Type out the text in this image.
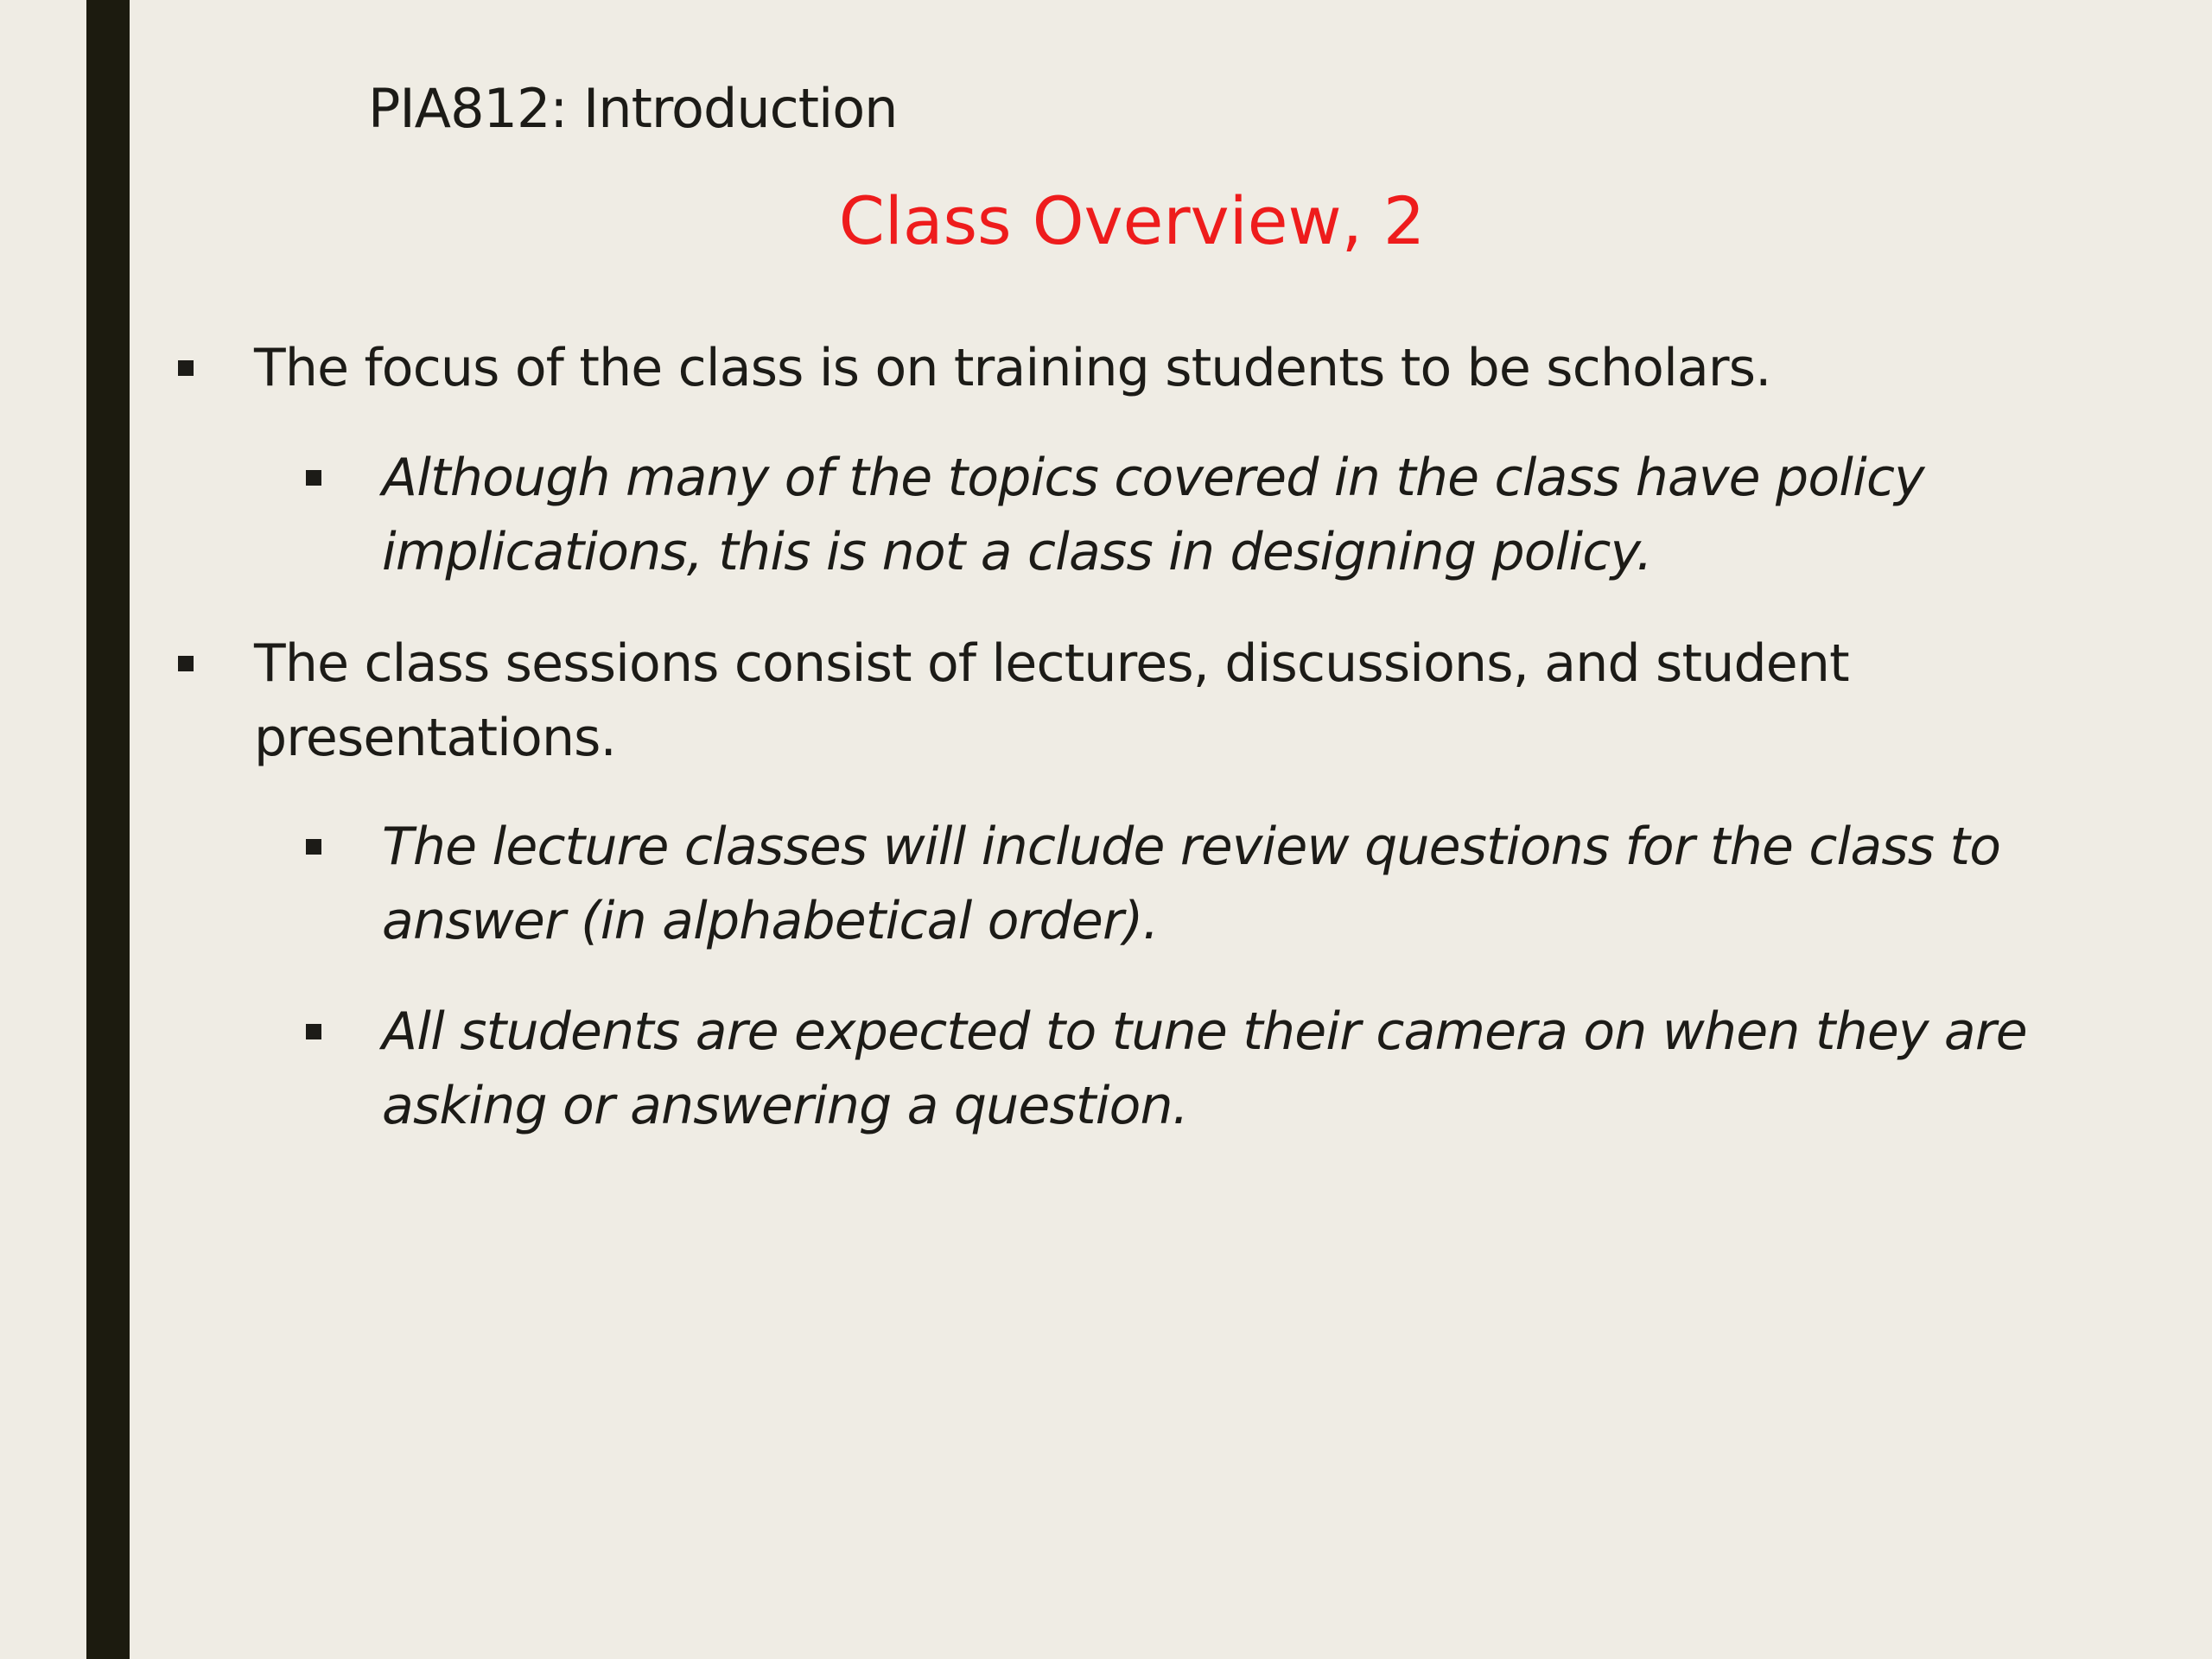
PIA812: Introduction
Class Overview, 2
The focus of the class is on training students to be scholars.
Although many of the topics covered in the class have policy implications, this is not a class in designing policy.
The class sessions consist of lectures, discussions, and student presentations.
The lecture classes will include review questions for the class to answer (in alphabetical order).
All students are expected to tune their camera on when they are asking or answering a question.
